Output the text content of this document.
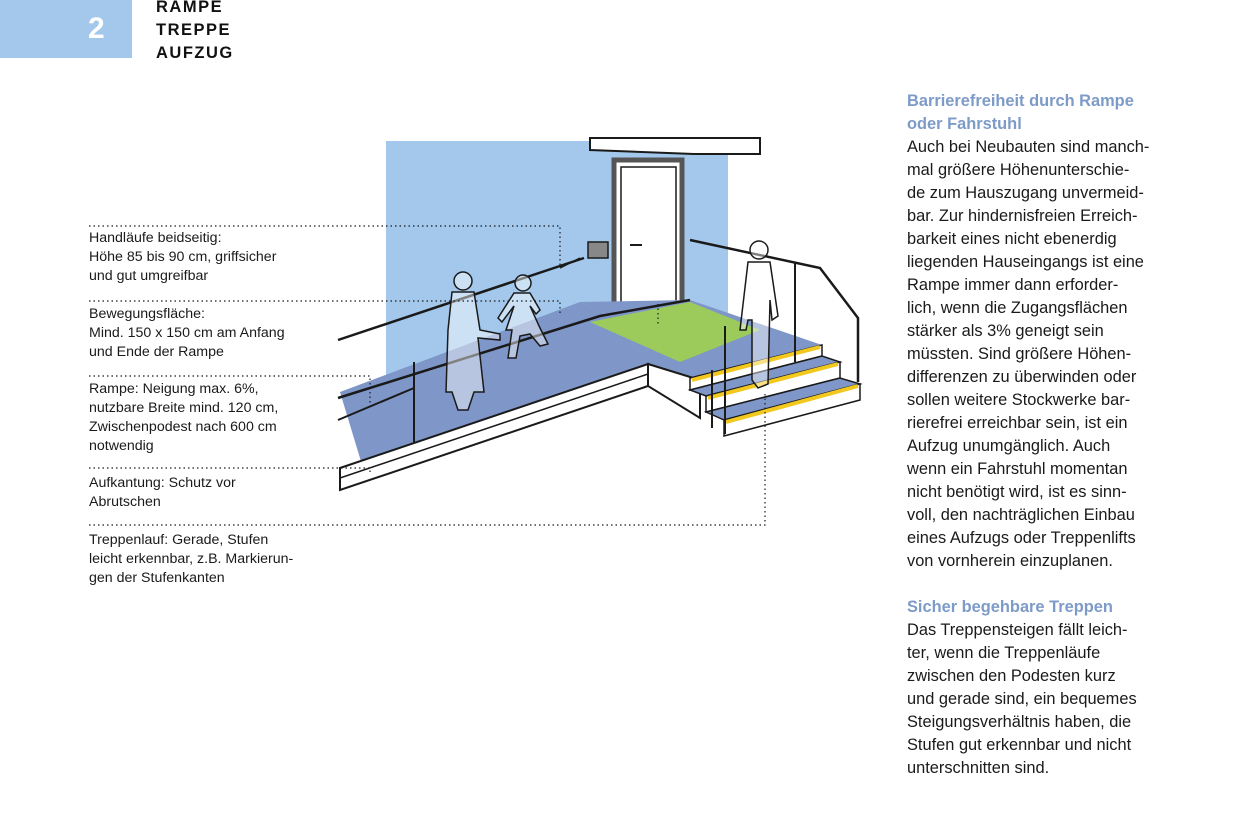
2
RAMPE
TREPPE
AUFZUG
Handläufe beidseitig:
Höhe 85 bis 90 cm, griffsicher
und gut umgreifbar
Bewegungsfläche:
Mind. 150 x 150 cm am Anfang
und Ende der Rampe
Rampe: Neigung max. 6%,
nutzbare Breite mind. 120 cm,
Zwischenpodest nach 600 cm
notwendig
Aufkantung: Schutz vor
Abrutschen
Treppenlauf: Gerade, Stufen
leicht erkennbar, z.B. Markierun-
gen der Stufenkanten
Barrierefreiheit durch Rampe
oder Fahrstuhl
Auch bei Neubauten sind manch-
mal größere Höhenunterschie-
de zum Hauszugang unvermeid-
bar. Zur hindernisfreien Erreich-
barkeit eines nicht ebenerdig
liegenden Hauseingangs ist eine
Rampe immer dann erforder-
lich, wenn die Zugangsflächen
stärker als 3% geneigt sein
müssten. Sind größere Höhen-
differenzen zu überwinden oder
sollen weitere Stockwerke bar-
rierefrei erreichbar sein, ist ein
Aufzug unumgänglich. Auch
wenn ein Fahrstuhl momentan
nicht benötigt wird, ist es sinn-
voll, den nachträglichen Einbau
eines Aufzugs oder Treppenlifts
von vornherein einzuplanen.
Sicher begehbare Treppen
Das Treppensteigen fällt leich-
ter, wenn die Treppenläufe
zwischen den Podesten kurz
und gerade sind, ein bequemes
Steigungsverhältnis haben, die
Stufen gut erkennbar und nicht
unterschnitten sind.
